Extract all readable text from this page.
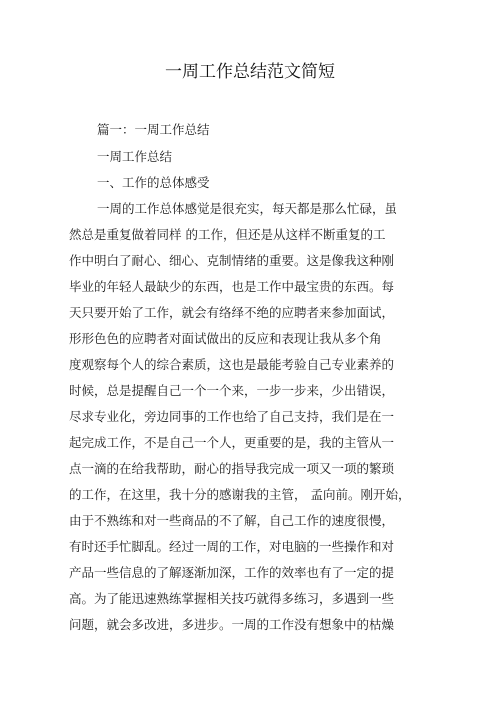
一周工作总结范文简短
篇一：一周工作总结
一周工作总结
一、工作的总体感受
一周的工作总体感觉是很充实，每天都是那么忙碌，虽
然总是重复做着同样 的工作，但还是从这样不断重复的工
作中明白了耐心、细心、克制情绪的重要。这是像我这种刚
毕业的年轻人最缺少的东西，也是工作中最宝贵的东西。每
天只要开始了工作，就会有络绎不绝的应聘者来参加面试，
形形色色的应聘者对面试做出的反应和表现让我从多个角
度观察每个人的综合素质，这也是最能考验自己专业素养的
时候，总是提醒自己一个一个来，一步一步来，少出错误，
尽求专业化，旁边同事的工作也给了自己支持，我们是在一
起完成工作，不是自己一个人，更重要的是，我的主管从一
点一滴的在给我帮助，耐心的指导我完成一项又一项的繁琐
的工作，在这里，我十分的感谢我的主管， 孟向前。刚开始，
由于不熟练和对一些商品的不了解，自己工作的速度很慢，
有时还手忙脚乱。经过一周的工作，对电脑的一些操作和对
产品一些信息的了解逐渐加深，工作的效率也有了一定的提
高。为了能迅速熟练掌握相关技巧就得多练习，多遇到一些
问题，就会多改进，多进步。一周的工作没有想象中的枯燥
